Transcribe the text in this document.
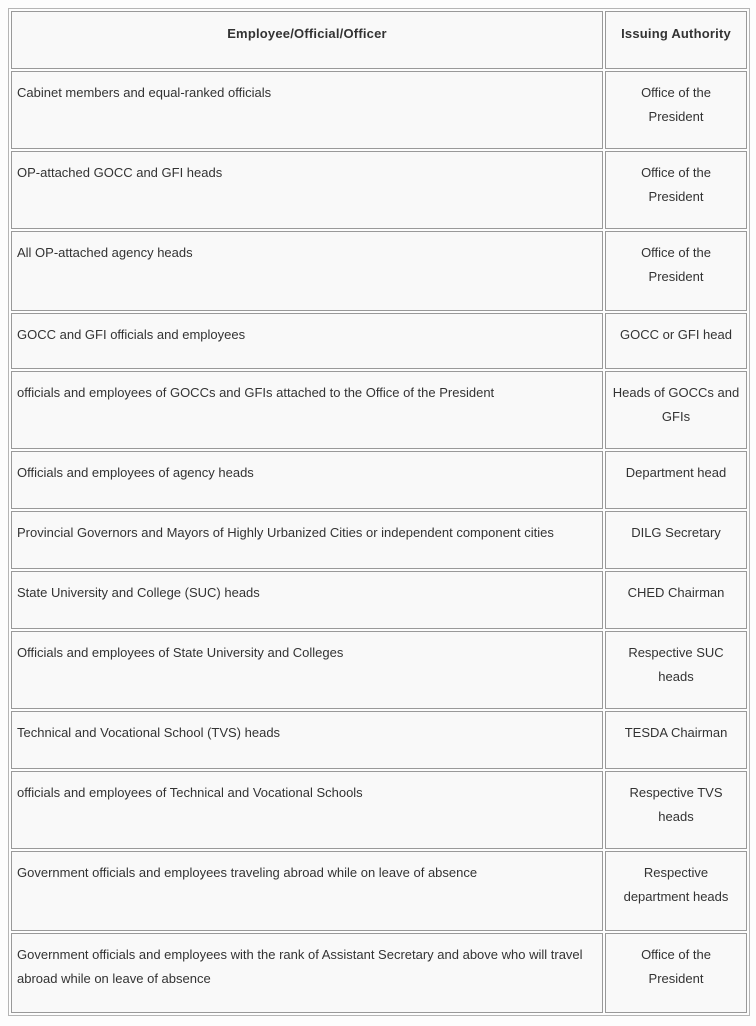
Employee/Official/Officer	Issuing Authority
Cabinet members and equal-ranked officials	Office of the
President

OP-attached GOCC and GFI heads	Office of the
President

All OP-attached agency heads	Office of the
President

GOCC and GFI officials and employees	GOCC or GFI head

officials and employees of GOCCs and GFIs attached to the Office of the President	Heads of GOCCs and
GFIs

Officials and employees of agency heads	Department head

Provincial Governors and Mayors of Highly Urbanized Cities or independent component cities	DILG Secretary

State University and College (SUC) heads	CHED Chairman

Officials and employees of State University and Colleges	Respective SUC
heads

Technical and Vocational School (TVS) heads	TESDA Chairman

officials and employees of Technical and Vocational Schools	Respective TVS
heads

Government officials and employees traveling abroad while on leave of absence	Respective
department heads

Government officials and employees with the rank of Assistant Secretary and above who will travel abroad while on leave of absence	Office of the
President
